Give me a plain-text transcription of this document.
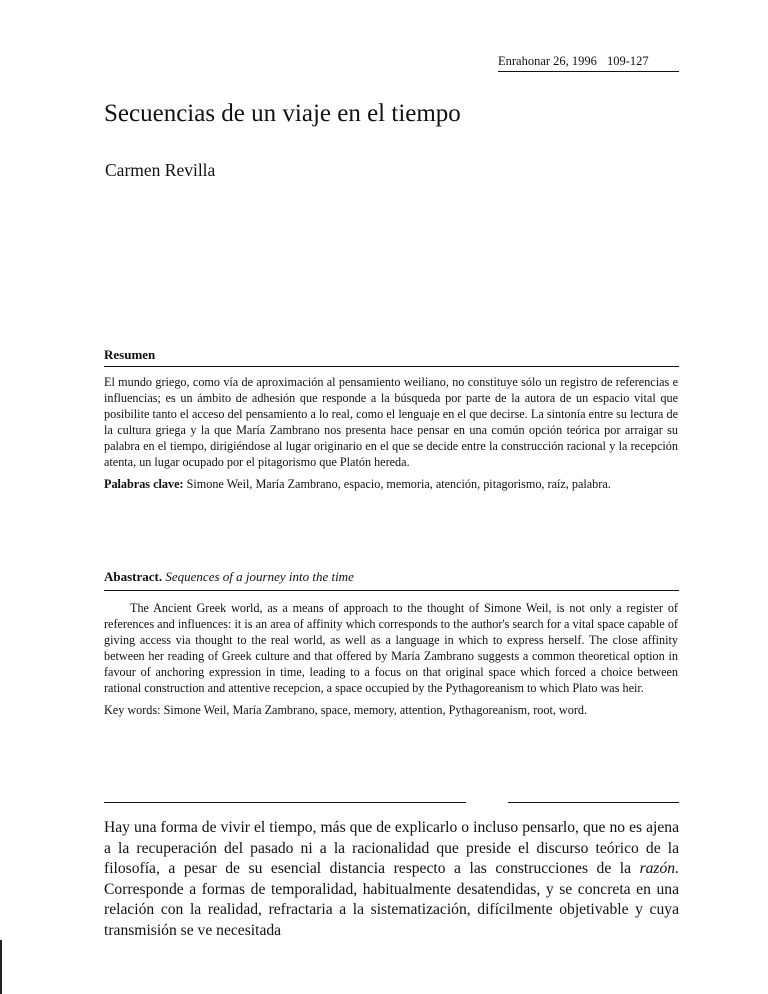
Enrahonar 26, 1996 109-127
Secuencias de un viaje en el tiempo
Carmen Revilla
Resumen
El mundo griego, como vía de aproximación al pensamiento weiliano, no constituye sólo un registro de referencias e influencias; es un ámbito de adhesión que responde a la búsqueda por parte de la autora de un espacio vital que posibilite tanto el acceso del pensamiento a lo real, como el lenguaje en el que decirse. La sintonía entre su lectura de la cultura griega y la que María Zambrano nos presenta hace pensar en una común opción teórica por arraigar su palabra en el tiempo, dirigiéndose al lugar originario en el que se decide entre la construcción racional y la recepción atenta, un lugar ocupado por el pitagorismo que Platón hereda.
Palabras clave: Simone Weil, María Zambrano, espacio, memoria, atención, pitagorismo, raíz, palabra.
Abastract. Sequences of a journey into the time
The Ancient Greek world, as a means of approach to the thought of Simone Weil, is not only a register of references and influences: it is an area of affinity which corresponds to the author's search for a vital space capable of giving access via thought to the real world, as well as a language in which to express herself. The close affinity between her reading of Greek culture and that offered by María Zambrano suggests a common theoretical option in favour of anchoring expression in time, leading to a focus on that original space which forced a choice between rational construction and attentive recepcion, a space occupied by the Pythagoreanism to which Plato was heir.
Key words: Simone Weil, María Zambrano, space, memory, attention, Pythagoreanism, root, word.
Hay una forma de vivir el tiempo, más que de explicarlo o incluso pensarlo, que no es ajena a la recuperación del pasado ni a la racionalidad que preside el discurso teórico de la filosofía, a pesar de su esencial distancia respecto a las construcciones de la razón. Corresponde a formas de temporalidad, habitualmente desatendidas, y se concreta en una relación con la realidad, refractaria a la sistematización, difícilmente objetivable y cuya transmisión se ve necesitada
